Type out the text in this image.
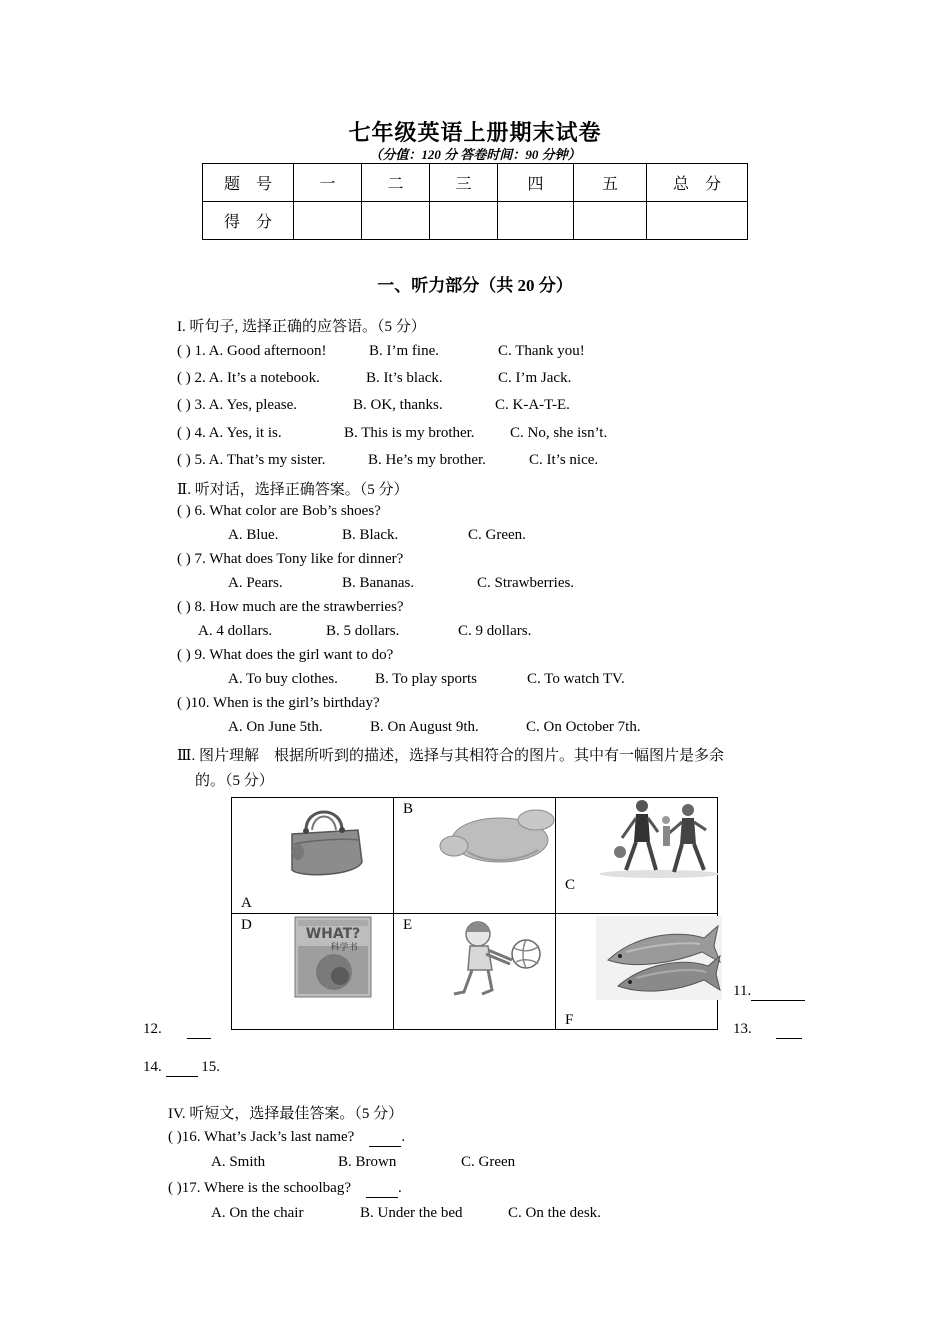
七年级英语上册期末试卷
（分值：120 分 答卷时间：90 分钟）
题　号	一	二	三	四	五	总　分
得　分						
一、听力部分（共 20 分）
I. 听句子, 选择正确的应答语。（5 分）
( ) 1. A. Good afternoon!	B. I’m fine.	C. Thank you!
( ) 2. A. It’s a notebook.	B. It’s black.	C. I’m Jack.
( ) 3. A. Yes, please.	B. OK, thanks.	C. K-A-T-E.
( ) 4. A. Yes, it is.	B. This is my brother. C. No, she isn’t.
( ) 5. A. That’s my sister.	B. He’s my brother.	C. It’s nice.
Ⅱ. 听对话，选择正确答案。（5 分）
( ) 6. What color are Bob’s shoes?
A. Blue.	B. Black.	C. Green.
( ) 7. What does Tony like for dinner?
A. Pears.	B. Bananas.	C. Strawberries.
( ) 8. How much are the strawberries?
A. 4 dollars.	B. 5 dollars.	C. 9 dollars.
( ) 9. What does the girl want to do?
A. To buy clothes. B. To play sports	C. To watch TV.
( )10. When is the girl’s birthday?
A. On June 5th.	B. On August 9th.	C. On October 7th.
Ⅲ. 图片理解　根据所听到的描述，选择与其相符合的图片。其中有一幅图片是多余
的。（5 分）
A	B	C

D
WHAT?
科学书	E	F
11.
12.	13.
14.	15.
IV. 听短文，选择最佳答案。（5 分）
( )16. What’s Jack’s last name?	.
A. Smith	B. Brown	C. Green
( )17. Where is the schoolbag?	.
A. On the chair	B. Under the bed	C. On the desk.
